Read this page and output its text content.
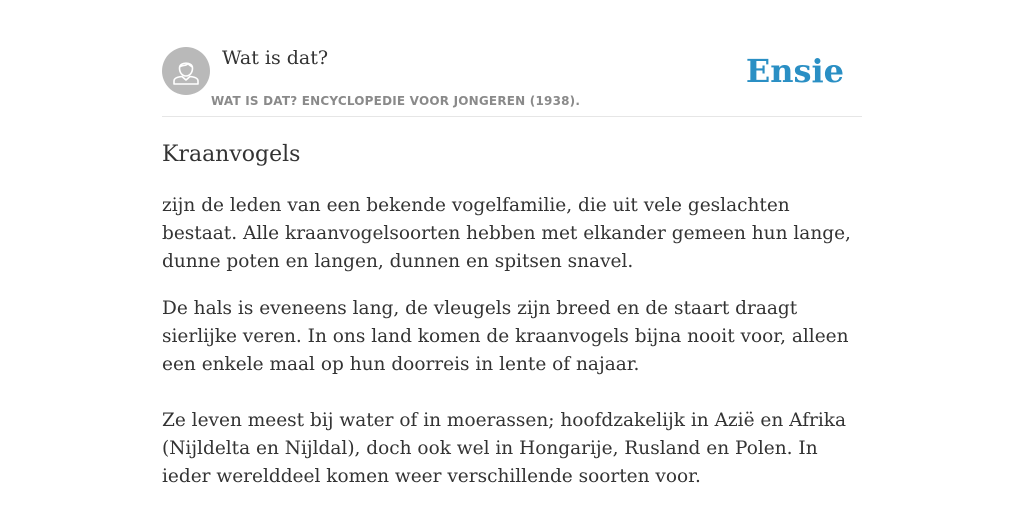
Wat is dat?
WAT IS DAT? ENCYCLOPEDIE VOOR JONGEREN (1938).
Ensie
Kraanvogels

zijn de leden van een bekende vogelfamilie, die uit vele geslachten bestaat. Alle kraanvogelsoorten hebben met elkander gemeen hun lange, dunne poten en langen, dunnen en spitsen snavel.

De hals is eveneens lang, de vleugels zijn breed en de staart draagt sierlijke veren. In ons land komen de kraanvogels bijna nooit voor, alleen een enkele maal op hun doorreis in lente of najaar.

Ze leven meest bij water of in moerassen; hoofdzakelijk in Azië en Afrika (Nijldelta en Nijldal), doch ook wel in Hongarije, Rusland en Polen. In ieder werelddeel komen weer verschillende soorten voor.
